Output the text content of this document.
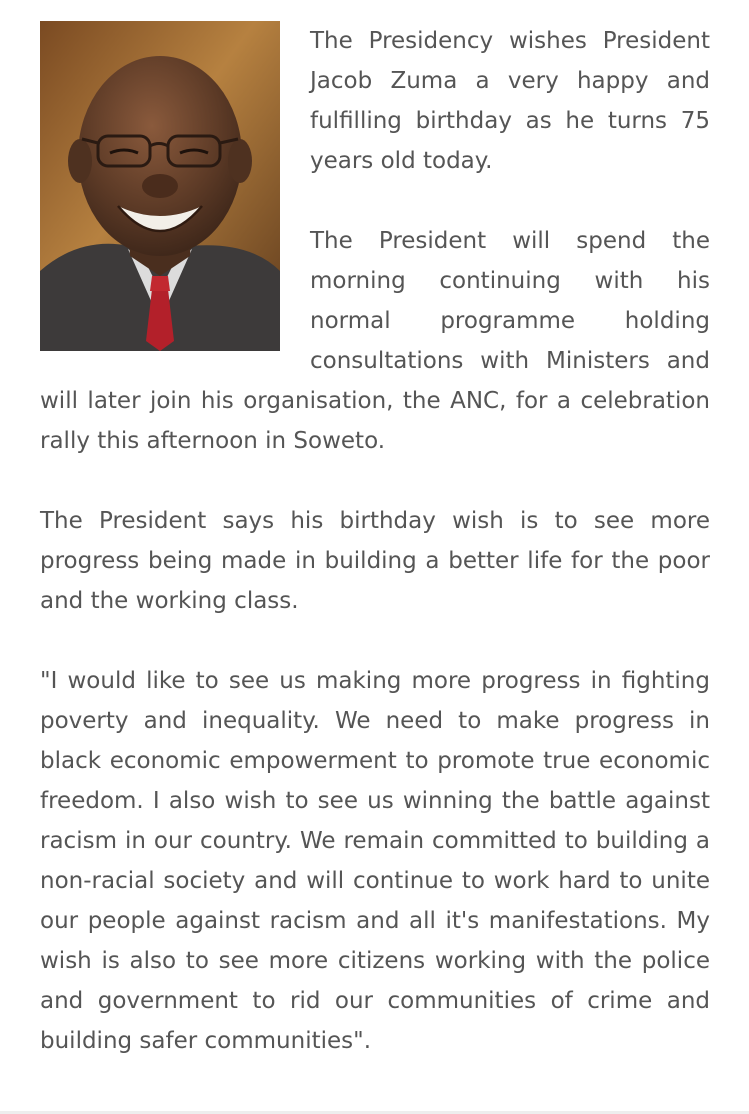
The Presidency wishes President Jacob Zuma a very happy and fulfilling birthday as he turns 75 years old today.

The President will spend the morning continuing with his normal programme holding consultations with Ministers and will later join his organisation, the ANC, for a celebration rally this afternoon in Soweto.

The President says his birthday wish is to see more progress being made in building a better life for the poor and the working class.

"I would like to see us making more progress in fighting poverty and inequality. We need to make progress in black economic empowerment to promote true economic freedom. I also wish to see us winning the battle against racism in our country. We remain committed to building a non-racial society and will continue to work hard to unite our people against racism and all it's manifestations. My wish is also to see more citizens working with the police and government to rid our communities of crime and building safer communities".
